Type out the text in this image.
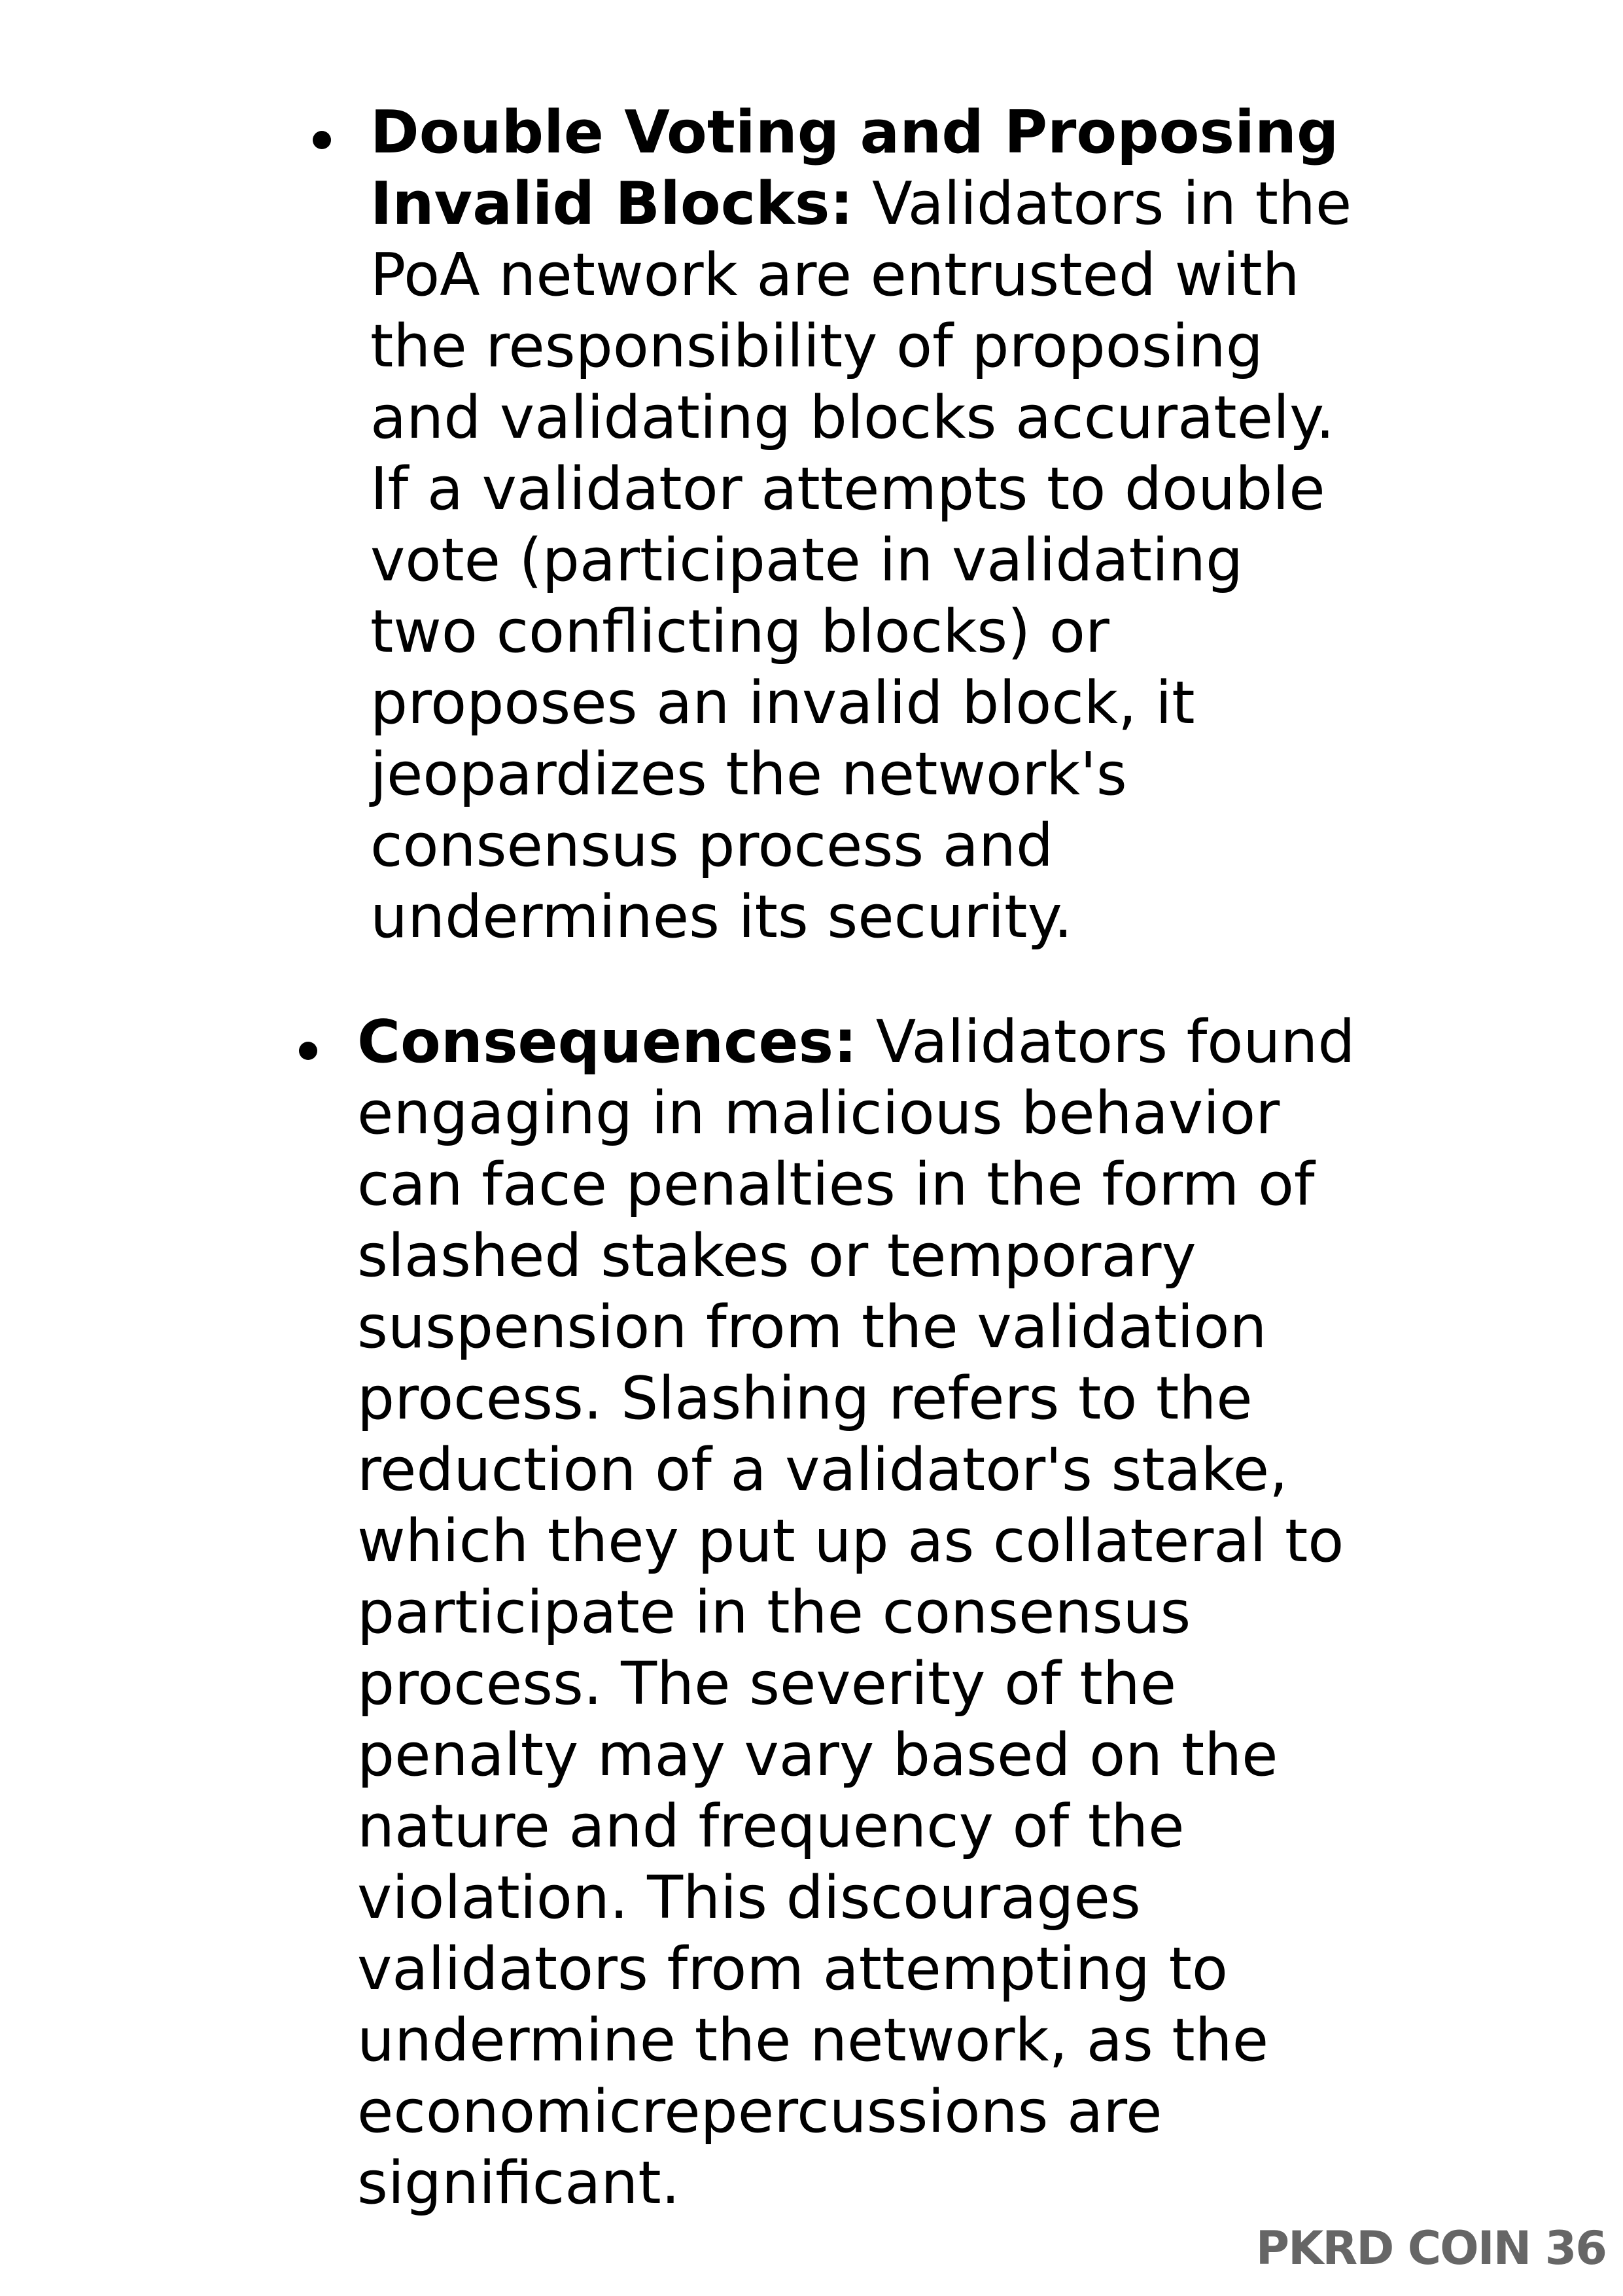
Double Voting and Proposing
Invalid Blocks: Validators in the
PoA network are entrusted with
the responsibility of proposing
and validating blocks accurately.
If a validator attempts to double
vote (participate in validating
two conflicting blocks) or
proposes an invalid block, it
jeopardizes the network's
consensus process and
undermines its security.
Consequences: Validators found
engaging in malicious behavior
can face penalties in the form of
slashed stakes or temporary
suspension from the validation
process. Slashing refers to the
reduction of a validator's stake,
which they put up as collateral to
participate in the consensus
process. The severity of the
penalty may vary based on the
nature and frequency of the
violation. This discourages
validators from attempting to
undermine the network, as the
economicrepercussions are
significant.
PKRD COIN 36
